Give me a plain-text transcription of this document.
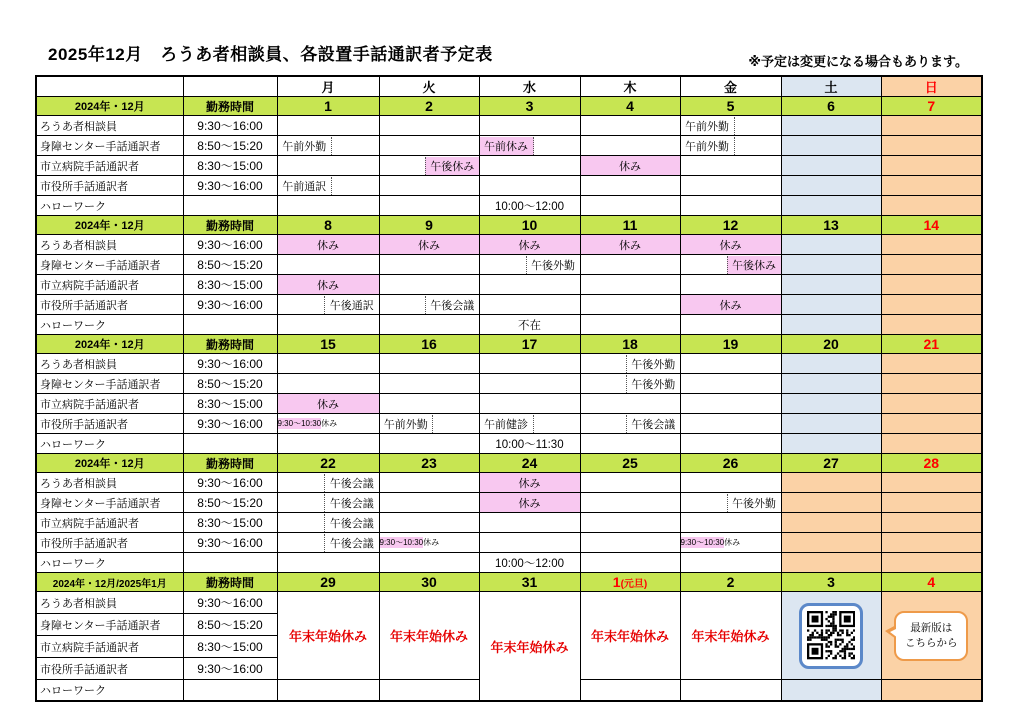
2025年12月　ろうあ者相談員、各設置手話通訳者予定表	※予定は変更になる場合もあります。
		月	火	水	木	金	土	日
2024年・12月	勤務時間	1	2	3	4	5	6	7
ろうあ者相談員	9:30～16:00					午前外勤		

身障センター手話通訳者	8:50～15:20	午前外勤		午前休み		午前外勤		

市立病院手話通訳者	8:30～15:00		午後休み		休み			
市役所手話通訳者	9:30～16:00	午前通訳						

ハローワーク				10:00～12:00				

2024年・12月	勤務時間	8	9	10	11	12	13	14
ろうあ者相談員	9:30～16:00	休み	休み	休み	休み	休み		
身障センター手話通訳者	8:50～15:20			午後外勤		午後休み		

市立病院手話通訳者	8:30～15:00	休み						
市役所手話通訳者	9:30～16:00	午後通訳	午後会議			休み		
ハローワーク				不在				

2024年・12月	勤務時間	15	16	17	18	19	20	21
ろうあ者相談員	9:30～16:00				午後外勤			

身障センター手話通訳者	8:50～15:20				午後外勤			

市立病院手話通訳者	8:30～15:00	休み						
市役所手話通訳者	9:30～16:00	9:30～10:30 休み	午前外勤	午前健診	午後会議			

ハローワーク				10:00～11:30				

2024年・12月	勤務時間	22	23	24	25	26	27	28
ろうあ者相談員	9:30～16:00	午後会議		休み				
身障センター手話通訳者	8:50～15:20	午後会議		休み		午後外勤		

市立病院手話通訳者	8:30～15:00	午後会議						

市役所手話通訳者	9:30～16:00	午後会議	9:30～10:30 休み			9:30～10:30 休み		

ハローワーク				10:00～12:00				

2024年・12月/2025年1月	勤務時間	29	30	31	1(元旦)	2	3	4
ろうあ者相談員	9:30～16:00	年末年始休み	年末年始休み	年末年始休み	年末年始休み	年末年始休み		最新版は
こちらから

身障センター手話通訳者	8:50～15:20							
市立病院手話通訳者	8:30～15:00							
市役所手話通訳者	9:30～16:00							
ハローワーク								
